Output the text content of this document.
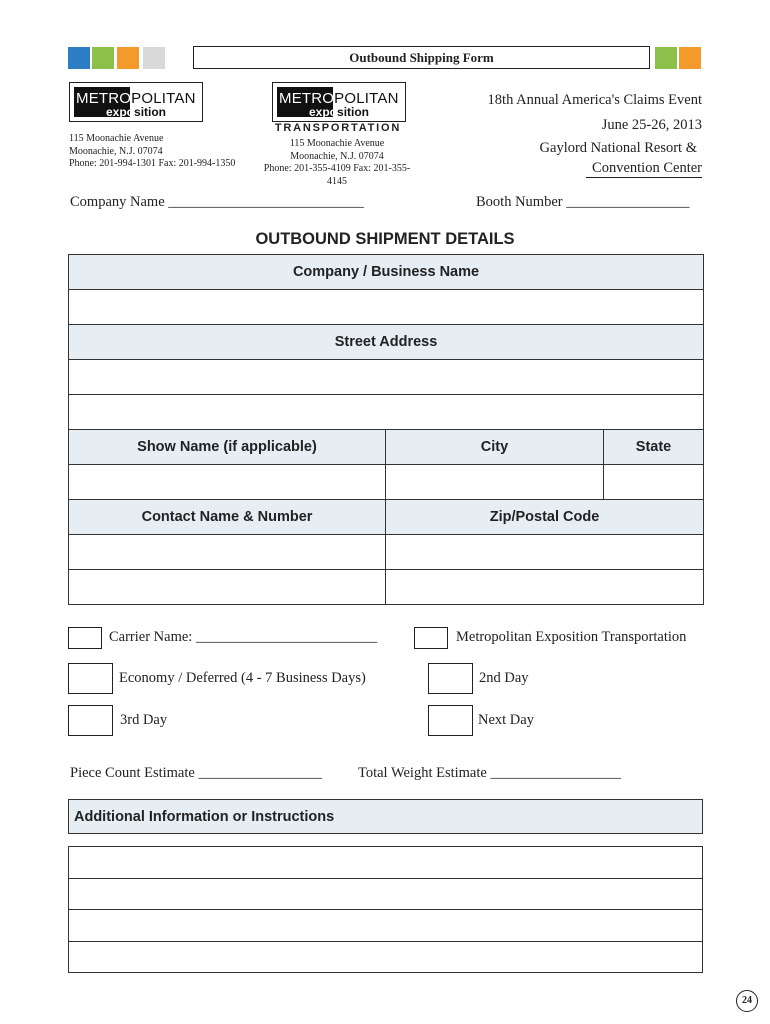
Outbound Shipping Form
METROPOLITAN
exposition
METROPOLITAN
exposition
TRANSPORTATION
115 Moonachie Avenue
Moonachie, N.J. 07074
Phone: 201-994-1301 Fax: 201-994-1350
115 Moonachie Avenue
Moonachie, N.J. 07074
Phone: 201-355-4109 Fax: 201-355-4145
18th Annual America's Claims Event
June 25-26, 2013
Gaylord National Resort &
Convention Center
Company Name ___________________________	Booth Number _________________
OUTBOUND SHIPMENT DETAILS
Company / Business Name		

Street Address		

Show Name (if applicable)	City	State

Contact Name & Number	Zip/Postal Code	

Carrier Name: _________________________	Metropolitan Exposition Transportation
Economy / Deferred (4 - 7 Business Days)	2nd Day
3rd Day	Next Day
Piece Count Estimate _________________	Total Weight Estimate __________________
Additional Information or Instructions

24
